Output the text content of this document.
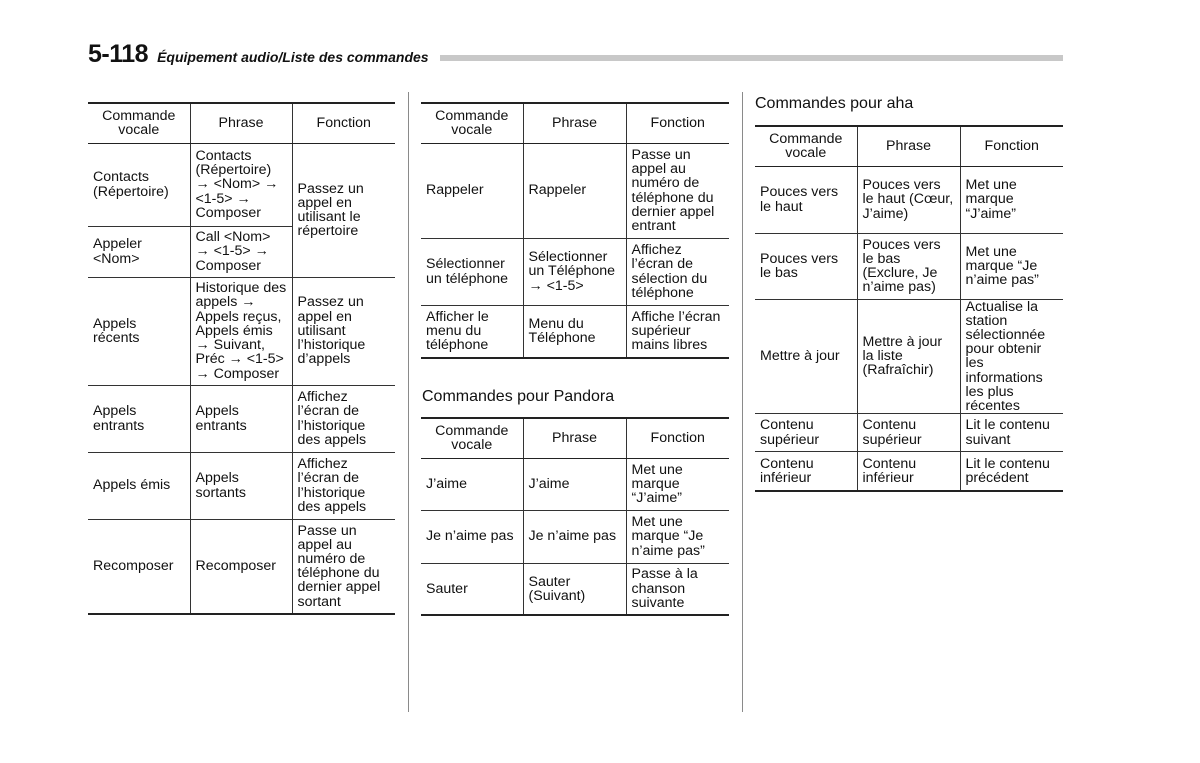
5-118 Équipement audio/Liste des commandes
Commande vocale	Phrase	Fonction
Contacts (Répertoire)	Contacts (Répertoire) → <Nom> → <1-5> → Composer	Passez un appel en utilisant le répertoire
Appeler <Nom>	Call <Nom> → <1-5> → Composer	
Appels récents	Historique des appels → Appels reçus, Appels émis → Suivant, Préc → <1-5> → Composer	Passez un appel en utilisant l’historique d’appels
Appels entrants	Appels entrants	Affichez l’écran de l’historique des appels
Appels émis	Appels sortants	Affichez l’écran de l’historique des appels
Recomposer	Recomposer	Passe un appel au numéro de téléphone du dernier appel sortant
Commande vocale	Phrase	Fonction
Rappeler	Rappeler	Passe un appel au numéro de téléphone du dernier appel entrant
Sélectionner un téléphone	Sélectionner un Téléphone → <1-5>	Affichez l’écran de sélection du téléphone
Afficher le menu du téléphone	Menu du Téléphone	Affiche l’écran supérieur mains libres
Commandes pour Pandora
Commande vocale	Phrase	Fonction
J’aime	J’aime	Met une marque “J’aime”
Je n’aime pas	Je n’aime pas	Met une marque “Je n’aime pas”
Sauter	Sauter (Suivant)	Passe à la chanson suivante
Commandes pour aha
Commande vocale	Phrase	Fonction
Pouces vers le haut	Pouces vers le haut (Cœur, J’aime)	Met une marque “J’aime”
Pouces vers le bas	Pouces vers le bas (Exclure, Je n’aime pas)	Met une marque “Je n’aime pas”
Mettre à jour	Mettre à jour la liste (Rafraîchir)	Actualise la station sélectionnée pour obtenir les informations les plus récentes
Contenu supérieur	Contenu supérieur	Lit le contenu suivant
Contenu inférieur	Contenu inférieur	Lit le contenu précédent
